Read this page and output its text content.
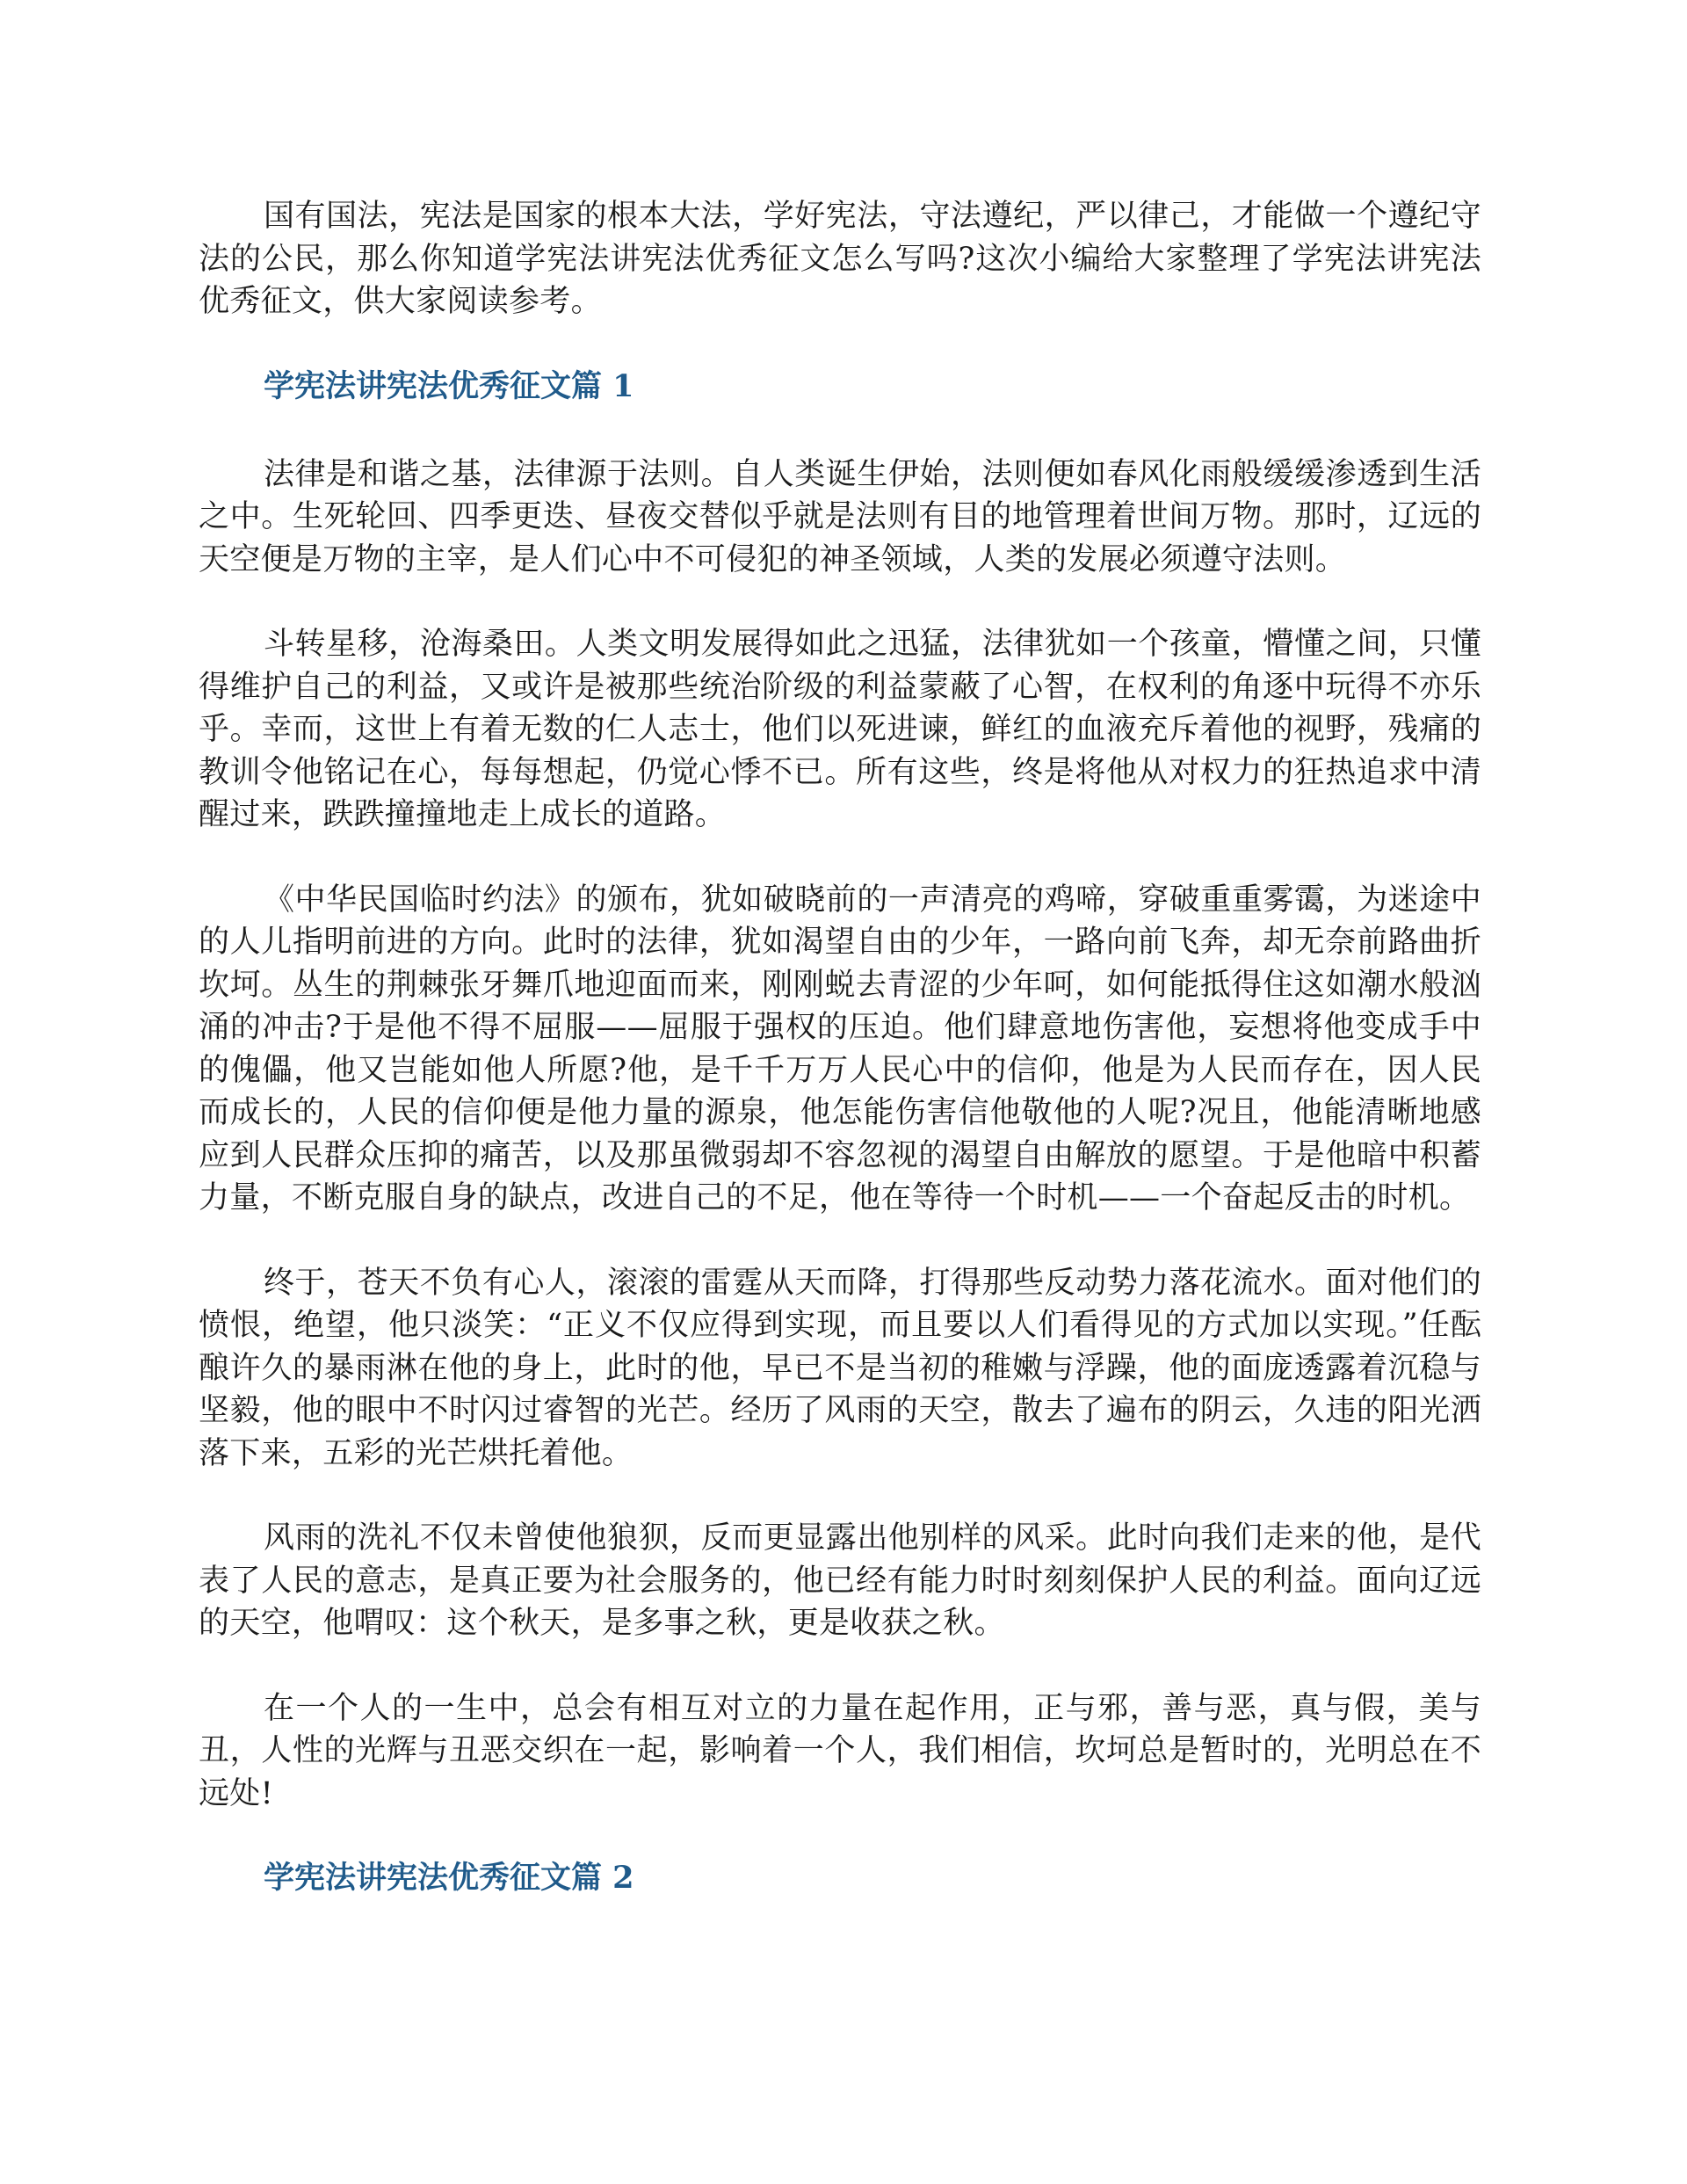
国有国法，宪法是国家的根本大法，学好宪法，守法遵纪，严以律己，才能做一个遵纪守法的公民，那么你知道学宪法讲宪法优秀征文怎么写吗?这次小编给大家整理了学宪法讲宪法优秀征文，供大家阅读参考。

学宪法讲宪法优秀征文篇 1

法律是和谐之基，法律源于法则。自人类诞生伊始，法则便如春风化雨般缓缓渗透到生活之中。生死轮回、四季更迭、昼夜交替似乎就是法则有目的地管理着世间万物。那时，辽远的天空便是万物的主宰，是人们心中不可侵犯的神圣领域，人类的发展必须遵守法则。

斗转星移，沧海桑田。人类文明发展得如此之迅猛，法律犹如一个孩童，懵懂之间，只懂得维护自己的利益，又或许是被那些统治阶级的利益蒙蔽了心智，在权利的角逐中玩得不亦乐乎。幸而，这世上有着无数的仁人志士，他们以死进谏，鲜红的血液充斥着他的视野，残痛的教训令他铭记在心，每每想起，仍觉心悸不已。所有这些，终是将他从对权力的狂热追求中清醒过来，跌跌撞撞地走上成长的道路。

《中华民国临时约法》的颁布，犹如破晓前的一声清亮的鸡啼，穿破重重雾霭，为迷途中的人儿指明前进的方向。此时的法律，犹如渴望自由的少年，一路向前飞奔，却无奈前路曲折坎坷。丛生的荆棘张牙舞爪地迎面而来，刚刚蜕去青涩的少年呵，如何能抵得住这如潮水般汹涌的冲击?于是他不得不屈服——屈服于强权的压迫。他们肆意地伤害他，妄想将他变成手中的傀儡，他又岂能如他人所愿?他，是千千万万人民心中的信仰，他是为人民而存在，因人民而成长的，人民的信仰便是他力量的源泉，他怎能伤害信他敬他的人呢?况且，他能清晰地感应到人民群众压抑的痛苦，以及那虽微弱却不容忽视的渴望自由解放的愿望。于是他暗中积蓄力量，不断克服自身的缺点，改进自己的不足，他在等待一个时机——一个奋起反击的时机。

终于，苍天不负有心人，滚滚的雷霆从天而降，打得那些反动势力落花流水。面对他们的愤恨，绝望，他只淡笑：“正义不仅应得到实现，而且要以人们看得见的方式加以实现。”任酝酿许久的暴雨淋在他的身上，此时的他，早已不是当初的稚嫩与浮躁，他的面庞透露着沉稳与坚毅，他的眼中不时闪过睿智的光芒。经历了风雨的天空，散去了遍布的阴云，久违的阳光洒落下来，五彩的光芒烘托着他。

风雨的洗礼不仅未曾使他狼狈，反而更显露出他别样的风采。此时向我们走来的他，是代表了人民的意志，是真正要为社会服务的，他已经有能力时时刻刻保护人民的利益。面向辽远的天空，他喟叹：这个秋天，是多事之秋，更是收获之秋。

在一个人的一生中，总会有相互对立的力量在起作用，正与邪，善与恶，真与假，美与丑，人性的光辉与丑恶交织在一起，影响着一个人，我们相信，坎坷总是暂时的，光明总在不远处!

学宪法讲宪法优秀征文篇 2
